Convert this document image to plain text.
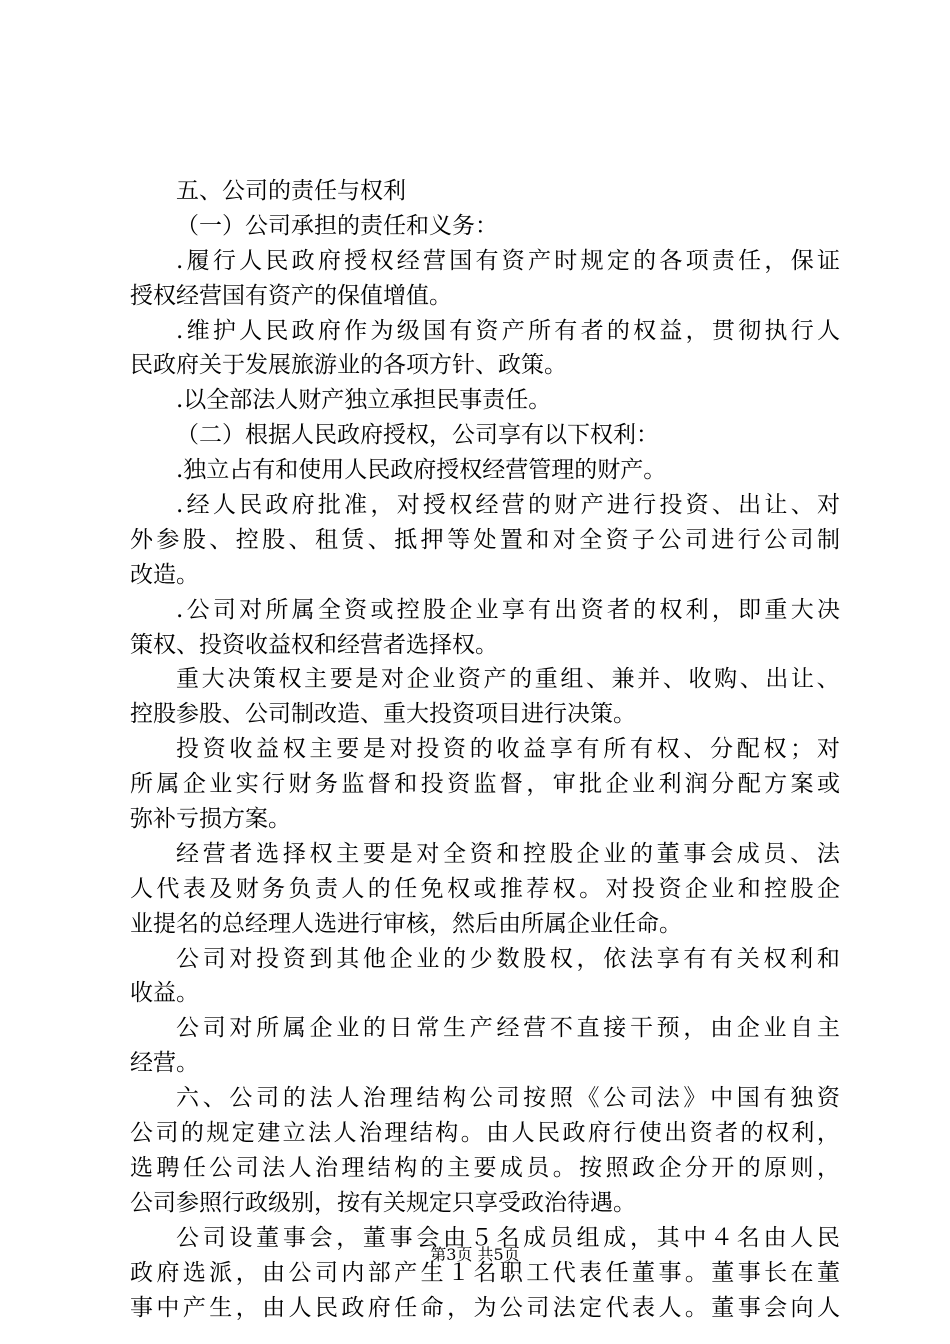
五、公司的责任与权利
（一）公司承担的责任和义务：
. 履 行 人 民 政 府 授 权 经 营 国 有 资 产 时 规 定 的 各 项 责 任 ， 保 证
授权经营国有资产的保值增值。
. 维 护 人 民 政 府 作 为 级 国 有 资 产 所 有 者 的 权 益 ， 贯 彻 执 行 人
民政府关于发展旅游业的各项方针、政策。
.以全部法人财产独立承担民事责任。
（二）根据人民政府授权，公司享有以下权利：
.独立占有和使用人民政府授权经营管理的财产。
. 经 人 民 政 府 批 准 ， 对 授 权 经 营 的 财 产 进 行 投 资 、 出 让 、 对
外 参 股 、 控 股 、 租 赁 、 抵 押 等 处 置 和 对 全 资 子 公 司 进 行 公 司 制
改造。
. 公 司 对 所 属 全 资 或 控 股 企 业 享 有 出 资 者 的 权 利 ， 即 重 大 决
策权、投资收益权和经营者选择权。
重 大 决 策 权 主 要 是 对 企 业 资 产 的 重 组 、 兼 并 、 收 购 、 出 让 、
控股参股、公司制改造、重大投资项目进行决策。
投 资 收 益 权 主 要 是 对 投 资 的 收 益 享 有 所 有 权 、 分 配 权 ； 对
所 属 企 业 实 行 财 务 监 督 和 投 资 监 督 ， 审 批 企 业 利 润 分 配 方 案 或
弥补亏损方案。
经 营 者 选 择 权 主 要 是 对 全 资 和 控 股 企 业 的 董 事 会 成 员 、 法
人 代 表 及 财 务 负 责 人 的 任 免 权 或 推 荐 权 。 对 投 资 企 业 和 控 股 企
业提名的总经理人选进行审核，然后由所属企业任命。
公 司 对 投 资 到 其 他 企 业 的 少 数 股 权 ， 依 法 享 有 有 关 权 利 和
收益。
公 司 对 所 属 企 业 的 日 常 生 产 经 营 不 直 接 干 预 ， 由 企 业 自 主
经营。
六 、 公 司 的 法 人 治 理 结 构 公 司 按 照 《 公 司 法 》 中 国 有 独 资
公 司 的 规 定 建 立 法 人 治 理 结 构 。 由 人 民 政 府 行 使 出 资 者 的 权 利 ，
选 聘 任 公 司 法 人 治 理 结 构 的 主 要 成 员 。 按 照 政 企 分 开 的 原 则 ，
公司参照行政级别，按有关规定只享受政治待遇。
公 司 设 董 事 会 ， 董 事 会 由 ５ 名 成 员 组 成 ， 其 中 ４ 名 由 人 民
政 府 选 派 ， 由 公 司 内 部 产 生 １ 名 职 工 代 表 任 董 事 。 董 事 长 在 董
事 中 产 生 ， 由 人 民 政 府 任 命 ， 为 公 司 法 定 代 表 人 。 董 事 会 向 人
第3页 共5页
